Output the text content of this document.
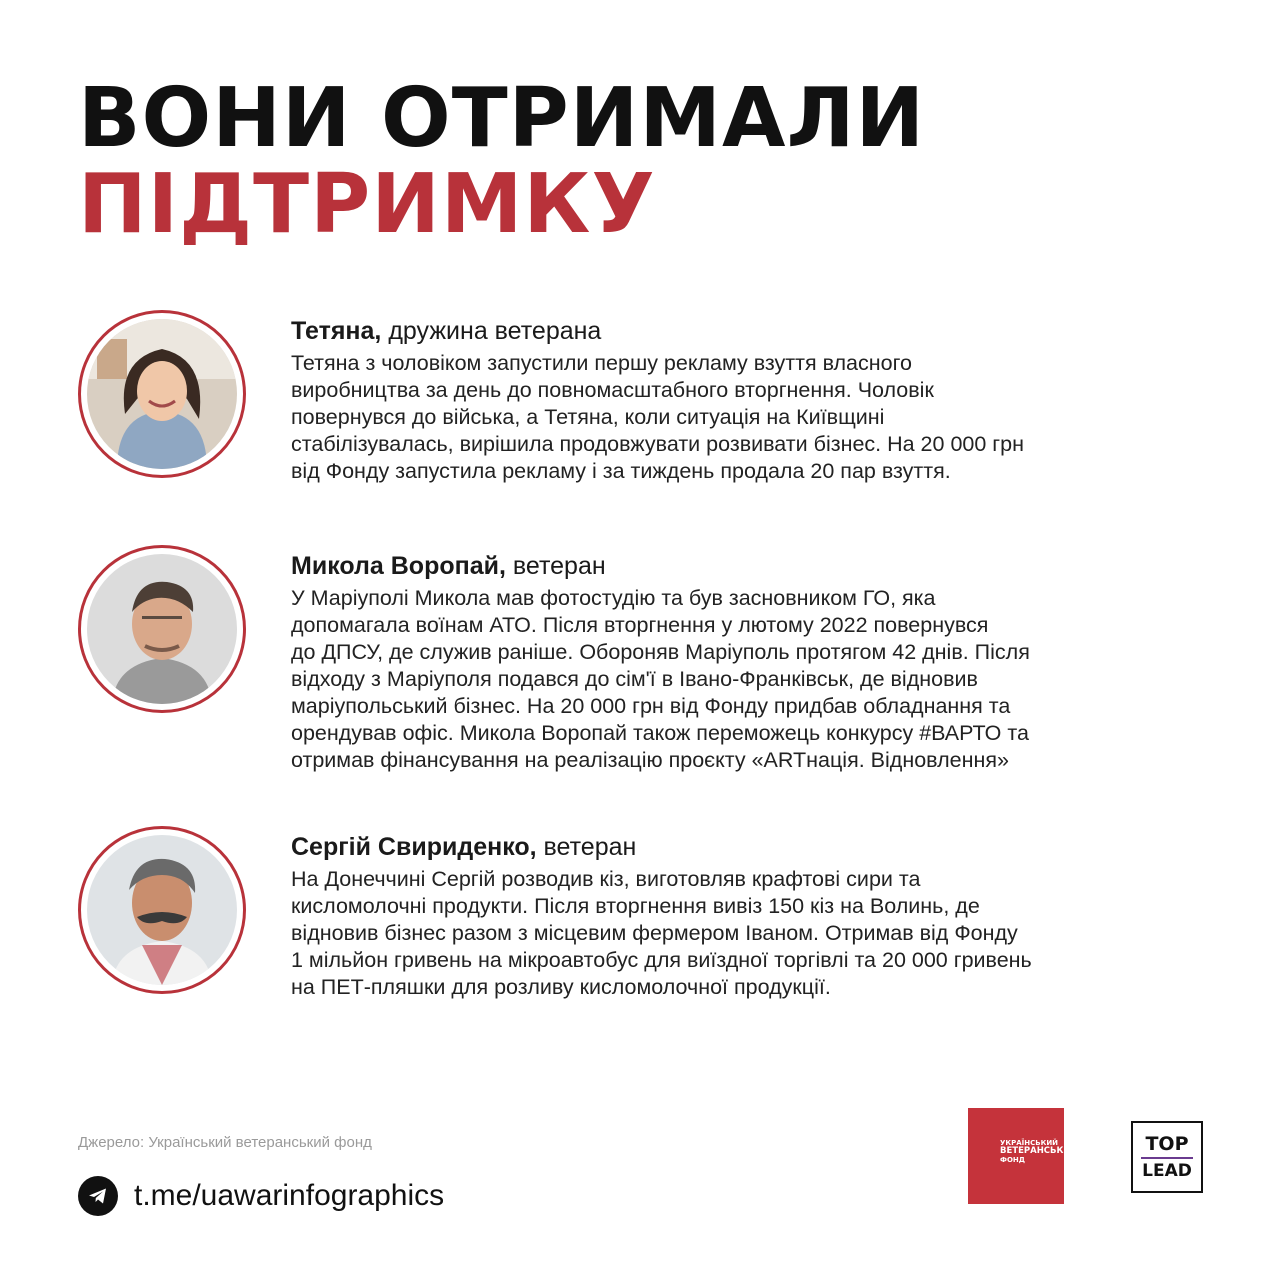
ВОНИ ОТРИМАЛИ
ПІДТРИМКУ

Тетяна, дружина ветерана

Тетяна з чоловіком запустили першу рекламу взуття власного
виробництва за день до повномасштабного вторгнення. Чоловік
повернувся до війська, а Тетяна, коли ситуація на Київщині
стабілізувалась, вирішила продовжувати розвивати бізнес. На 20 000 грн
від Фонду запустила рекламу і за тиждень продала 20 пар взуття.

Микола Воропай, ветеран

У Маріуполі Микола мав фотостудію та був засновником ГО, яка
допомагала воїнам АТО. Після вторгнення у лютому 2022 повернувся
до ДПСУ, де служив раніше. Обороняв Маріуполь протягом 42 днів. Після
відходу з Маріуполя подався до сім'ї в Івано-Франківськ, де відновив
маріупольський бізнес. На 20 000 грн від Фонду придбав обладнання та
орендував офіс. Микола Воропай також переможець конкурсу #ВАРТО та
отримав фінансування на реалізацію проєкту «ARTнація. Відновлення»

Сергій Свириденко, ветеран

На Донеччині Сергій розводив кіз, виготовляв крафтові сири та
кисломолочні продукти. Після вторгнення вивіз 150 кіз на Волинь, де
відновив бізнес разом з місцевим фермером Іваном. Отримав від Фонду
1 мільйон гривень на мікроавтобус для виїздної торгівлі та 20 000 гривень
на ПЕТ-пляшки для розливу кисломолочної продукції.

Джерело: Український ветеранський фонд
t.me/uawarinfographics
УКРАЇНСЬКИЙ
ВЕТЕРАНСЬКИЙ
ФОНД
TOP
LEAD
